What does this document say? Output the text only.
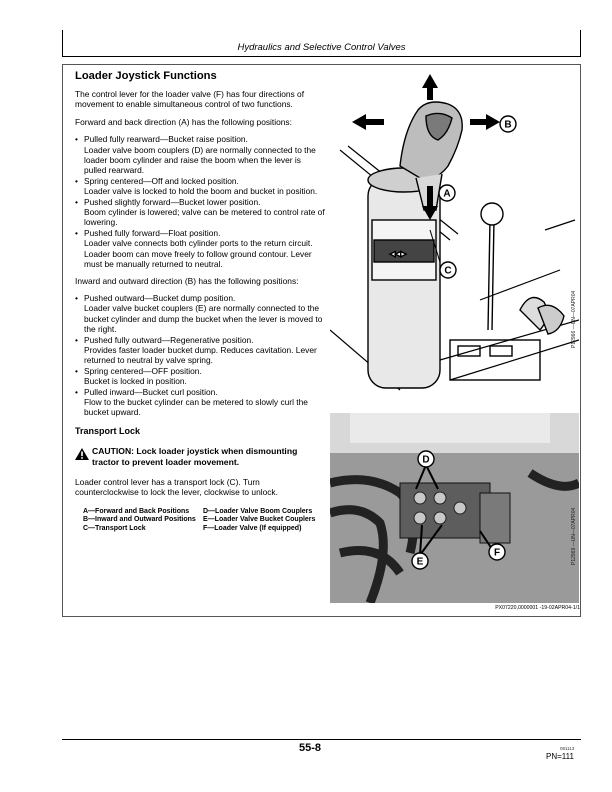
Hydraulics and Selective Control Valves
Loader Joystick Functions

The control lever for the loader valve (F) has four directions of movement to enable simultaneous control of two functions.

Forward and back direction (A) has the following positions:

• Pulled fully rearward—Bucket raise position.
Loader valve boom couplers (D) are normally connected to the loader boom cylinder and raise the boom when the lever is pulled rearward.
• Spring centered—Off and locked position.
Loader valve is locked to hold the boom and bucket in position.
• Pushed slightly forward—Bucket lower position.
Boom cylinder is lowered; valve can be metered to control rate of lowering.
• Pushed fully forward—Float position.
Loader valve connects both cylinder ports to the return circuit. Loader boom can move freely to follow ground contour. Lever must be manually returned to neutral.

Inward and outward direction (B) has the following positions:

• Pushed outward—Bucket dump position.
Loader valve bucket couplers (E) are normally connected to the bucket cylinder and dump the bucket when the lever is moved to the right.
• Pushed fully outward—Regenerative position.
Provides faster loader bucket dump. Reduces cavitation. Lever returned to neutral by valve spring.
• Spring centered—OFF position.
Bucket is locked in position.
• Pulled inward—Bucket curl position.
Flow to the bucket cylinder can be metered to slowly curl the bucket upward.
Transport Lock
CAUTION: Lock loader joystick when dismounting tractor to prevent loader movement.

Loader control lever has a transport lock (C). Turn counterclockwise to lock the lever, clockwise to unlock.

A—Forward and Back Positions	D—Loader Valve Boom Couplers
B—Inward and Outward Positions	E—Loader Valve Bucket Couplers
C—Transport Lock	F—Loader Valve (If equipped)
◀◀▶
B
A
C
P12966 —UN—07APR04
D
E
F	P12969 —UN—07APR04
PX07220,0000001 -19-02APR04-1/1
55-8	081113
PN=111
